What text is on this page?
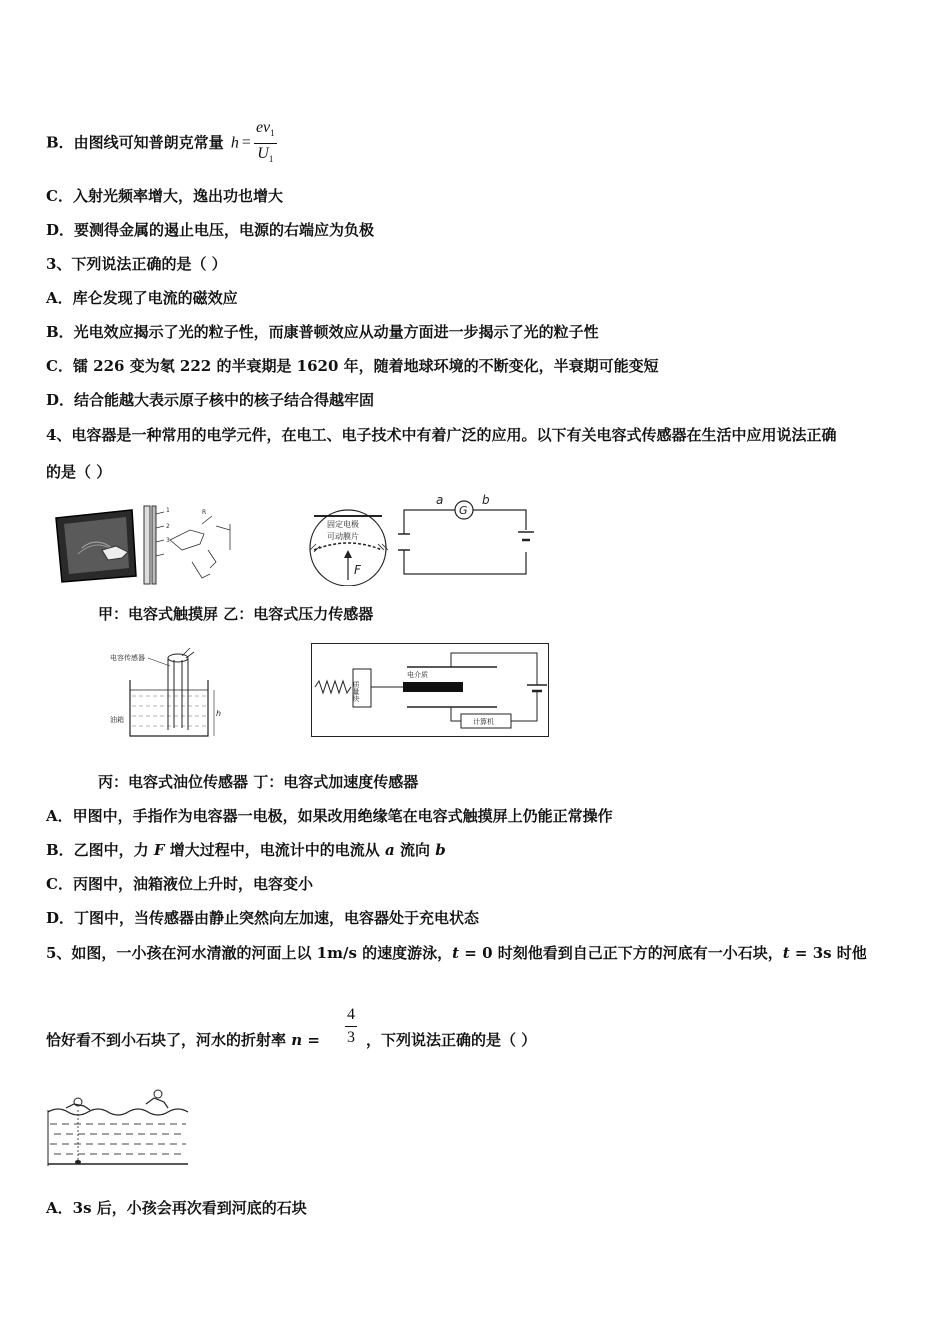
B．由图线可知普朗克常量 $h = \frac{e\nu_1}{U_1}$
C．入射光频率增大，逸出功也增大
D．要测得金属的遏止电压，电源的右端应为负极
3、下列说法正确的是（ ）
A．库仑发现了电流的磁效应
B．光电效应揭示了光的粒子性，而康普顿效应从动量方面进一步揭示了光的粒子性
C．镭 226 变为氡 222 的半衰期是 1620 年，随着地球环境的不断变化，半衰期可能变短
D．结合能越大表示原子核中的核子结合得越牢固
4、电容器是一种常用的电学元件，在电工、电子技术中有着广泛的应用。以下有关电容式传感器在生活中应用说法正确
的是（ ）
1
2
3
R
固定电极
可动膜片
F
G
a	b
甲：电容式触摸屏 乙：电容式压力传感器
电容传感器
h
油箱
质量块
电介质
计算机
丙：电容式油位传感器 丁：电容式加速度传感器
A．甲图中，手指作为电容器一电极，如果改用绝缘笔在电容式触摸屏上仍能正常操作
B．乙图中，力 F 增大过程中，电流计中的电流从 a 流向 b
C．丙图中，油箱液位上升时，电容变小
D．丁图中，当传感器由静止突然向左加速，电容器处于充电状态
5、如图，一小孩在河水清澈的河面上以 1m/s 的速度游泳，t = 0 时刻他看到自己正下方的河底有一小石块，t = 3s 时他
恰好看不到小石块了，河水的折射率 $n = \frac{4}{3}$ ，下列说法正确的是（ ）
A．3s 后，小孩会再次看到河底的石块
